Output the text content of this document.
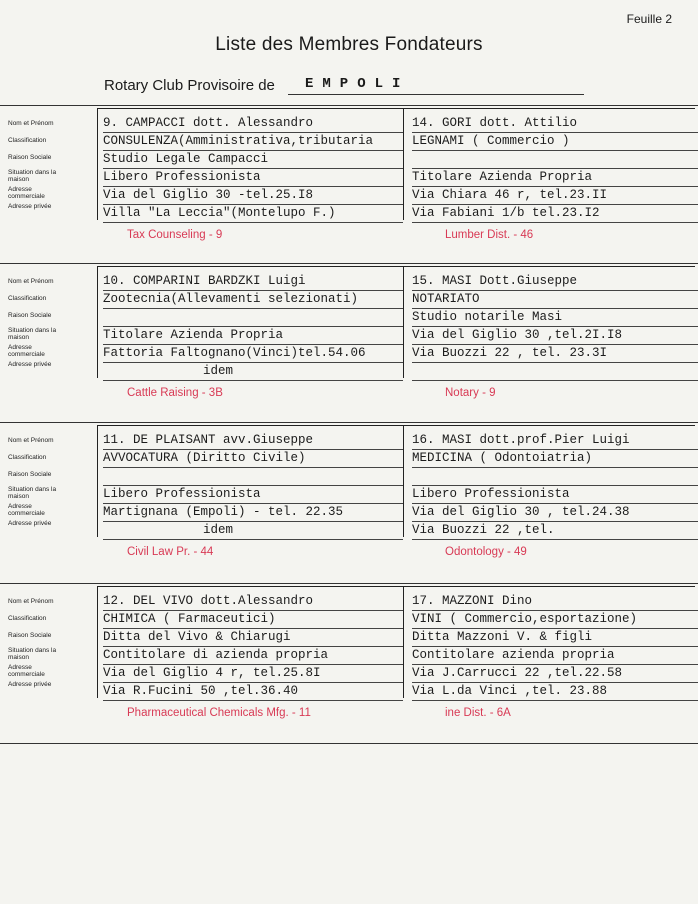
Feuille 2
Liste des Membres Fondateurs
Rotary Club Provisoire de EMPOLI
Nom et Prénom
Classification
Raison Sociale
Situation dans la maison
Adresse commerciale
Adresse privée
9. CAMPACCI dott. Alessandro
CONSULENZA(Amministrativa,tributaria
Studio Legale Campacci
Libero Professionista
Via del Giglio 30 -tel.25.I8
Villa "La Leccia"(Montelupo F.)
Tax Counseling - 9
14. GORI dott. Attilio
LEGNAMI ( Commercio )
Titolare Azienda Propria
Via Chiara 46 r, tel.23.II
Via Fabiani 1/b tel.23.I2
Lumber Dist. - 46
Nom et Prénom
Classification
Raison Sociale
Situation dans la maison
Adresse commerciale
Adresse privée
10. COMPARINI BARDZKI Luigi
Zootecnia(Allevamenti selezionati)
Titolare Azienda Propria
Fattoria Faltognano(Vinci)tel.54.06
idem
Cattle Raising - 3B
15. MASI Dott.Giuseppe
NOTARIATO
Studio notarile Masi
Via del Giglio 30 ,tel.2I.I8
Via Buozzi 22 , tel. 23.3I
Notary - 9
Nom et Prénom
Classification
Raison Sociale
Situation dans la maison
Adresse commerciale
Adresse privée
11. DE PLAISANT avv.Giuseppe
AVVOCATURA (Diritto Civile)
Libero Professionista
Martignana (Empoli) - tel. 22.35
idem
Civil Law Pr. - 44
16. MASI dott.prof.Pier Luigi
MEDICINA ( Odontoiatria)
Libero Professionista
Via del Giglio 30 , tel.24.38
Via Buozzi 22 ,tel.
Odontology - 49
Nom et Prénom
Classification
Raison Sociale
Situation dans la maison
Adresse commerciale
Adresse privée
12. DEL VIVO dott.Alessandro
CHIMICA ( Farmaceutici)
Ditta del Vivo & Chiarugi
Contitolare di azienda propria
Via del Giglio 4 r, tel.25.8I
Via R.Fucini 50 ,tel.36.40
Pharmaceutical Chemicals Mfg. - 11
17. MAZZONI Dino
VINI ( Commercio,esportazione)
Ditta Mazzoni V. & figli
Contitolare azienda propria
Via J.Carrucci 22 ,tel.22.58
Via L.da Vinci ,tel. 23.88
ine Dist. - 6A
